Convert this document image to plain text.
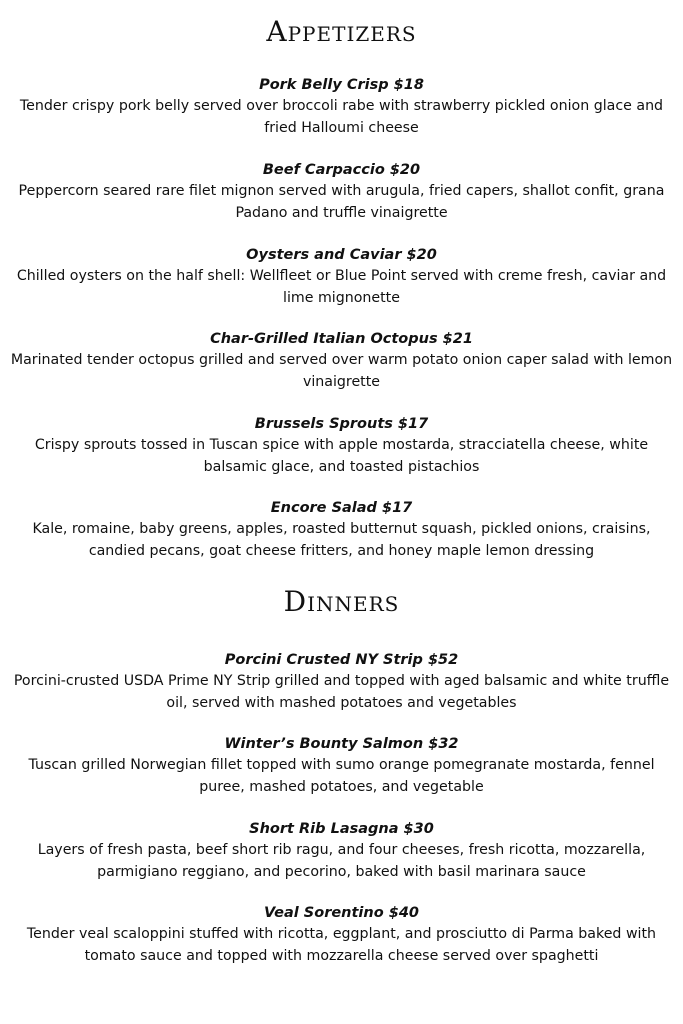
Appetizers
Pork Belly Crisp $18
Tender crispy pork belly served over broccoli rabe with strawberry pickled onion glace and fried Halloumi cheese
Beef Carpaccio $20
Peppercorn seared rare filet mignon served with arugula, fried capers, shallot confit, grana Padano and truffle vinaigrette
Oysters and Caviar $20
Chilled oysters on the half shell: Wellfleet or Blue Point served with creme fresh, caviar and lime mignonette
Char-Grilled Italian Octopus $21
Marinated tender octopus grilled and served over warm potato onion caper salad with lemon vinaigrette
Brussels Sprouts $17
Crispy sprouts tossed in Tuscan spice with apple mostarda, stracciatella cheese, white balsamic glace, and toasted pistachios
Encore Salad $17
Kale, romaine, baby greens, apples, roasted butternut squash, pickled onions, craisins, candied pecans, goat cheese fritters, and honey maple lemon dressing
Dinners
Porcini Crusted NY Strip $52
Porcini-crusted USDA Prime NY Strip grilled and topped with aged balsamic and white truffle oil, served with mashed potatoes and vegetables
Winter’s Bounty Salmon $32
Tuscan grilled Norwegian fillet topped with sumo orange pomegranate mostarda, fennel puree, mashed potatoes, and vegetable
Short Rib Lasagna $30
Layers of fresh pasta, beef short rib ragu, and four cheeses, fresh ricotta, mozzarella, parmigiano reggiano, and pecorino, baked with basil marinara sauce
Veal Sorentino $40
Tender veal scaloppini stuffed with ricotta, eggplant, and prosciutto di Parma baked with tomato sauce and topped with mozzarella cheese served over spaghetti
